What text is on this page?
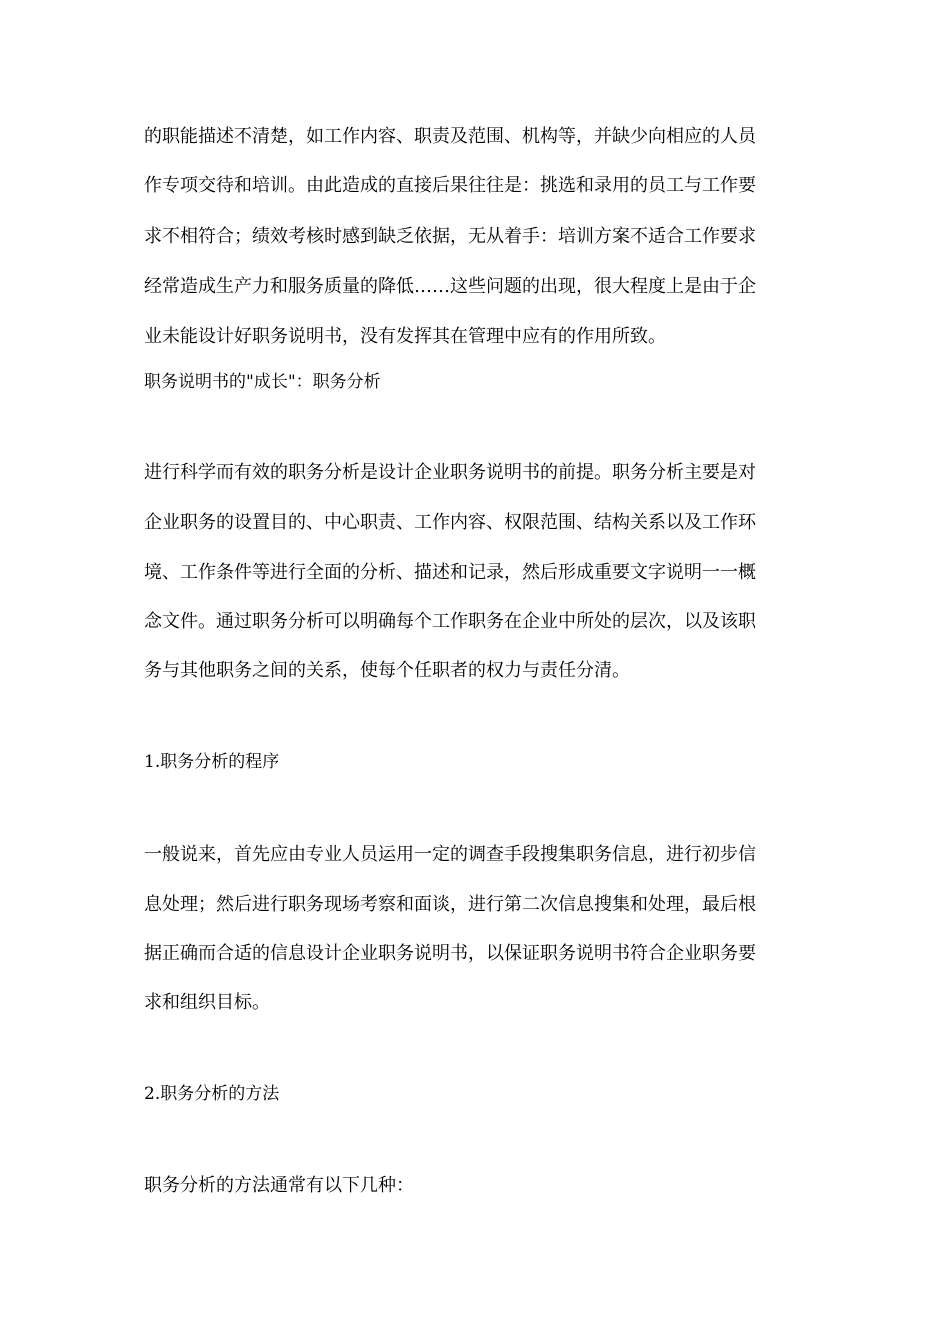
的职能描述不清楚，如工作内容、职责及范围、机构等，并缺少向相应的人员
作专项交待和培训。由此造成的直接后果往往是：挑选和录用的员工与工作要
求不相符合；绩效考核时感到缺乏依据，无从着手：培训方案不适合工作要求
经常造成生产力和服务质量的降低……这些问题的出现，很大程度上是由于企
业未能设计好职务说明书，没有发挥其在管理中应有的作用所致。
职务说明书的"成长"：职务分析
进行科学而有效的职务分析是设计企业职务说明书的前提。职务分析主要是对
企业职务的设置目的、中心职责、工作内容、权限范围、结构关系以及工作环
境、工作条件等进行全面的分析、描述和记录，然后形成重要文字说明一一概
念文件。通过职务分析可以明确每个工作职务在企业中所处的层次，以及该职
务与其他职务之间的关系，使每个任职者的权力与责任分清。
1.职务分析的程序
一般说来，首先应由专业人员运用一定的调查手段搜集职务信息，进行初步信
息处理；然后进行职务现场考察和面谈，进行第二次信息搜集和处理，最后根
据正确而合适的信息设计企业职务说明书，以保证职务说明书符合企业职务要
求和组织目标。
2.职务分析的方法
职务分析的方法通常有以下几种：
